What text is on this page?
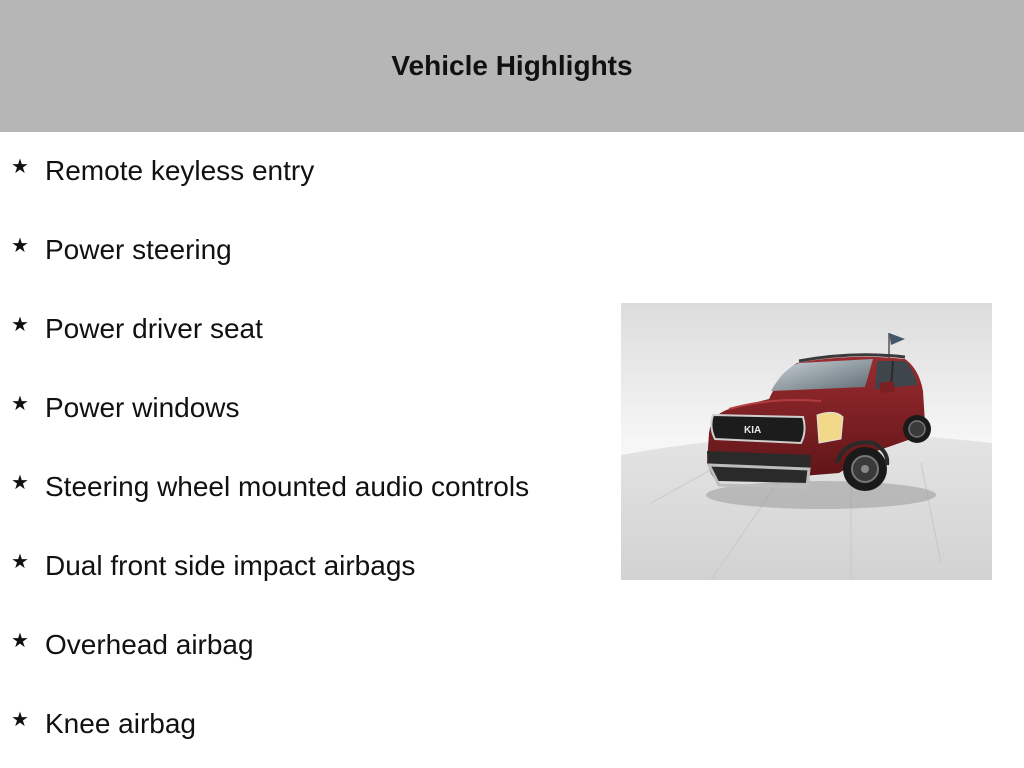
Vehicle Highlights
★ Remote keyless entry
★ Power steering
★ Power driver seat
★ Power windows
★ Steering wheel mounted audio controls
★ Dual front side impact airbags
★ Overhead airbag
★ Knee airbag
KIA
